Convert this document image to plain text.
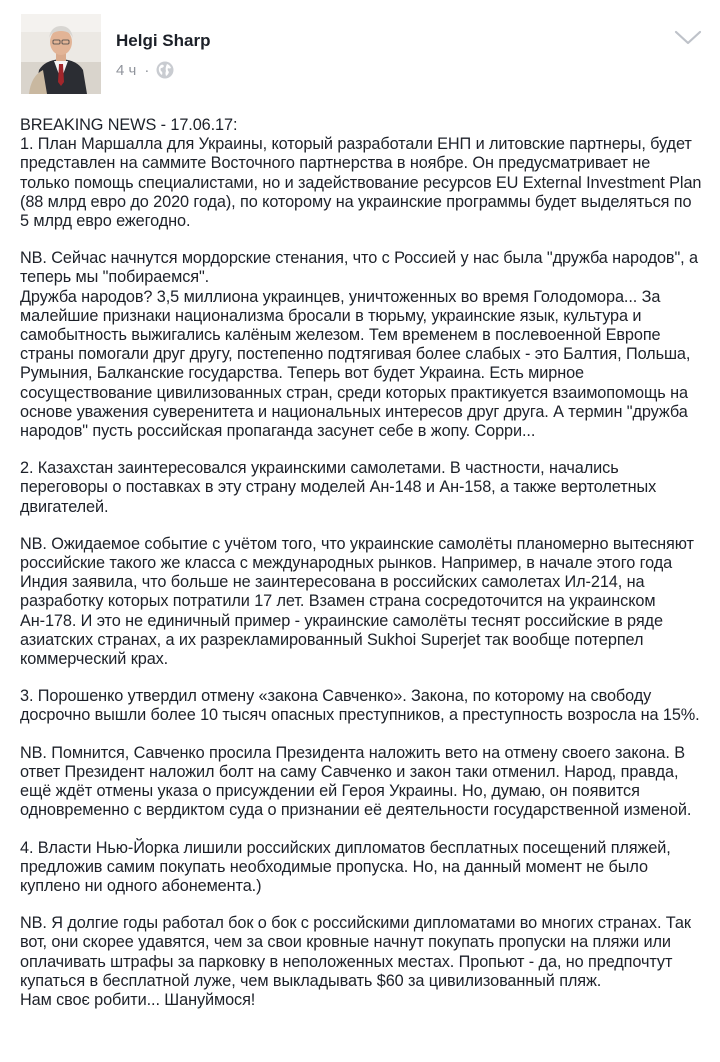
Helgi Sharp
4 ч ·

BREAKING NEWS - 17.06.17:
1. План Маршалла для Украины, который разработали ЕНП и литовские партнеры, будет представлен на саммите Восточного партнерства в ноябре. Он предусматривает не только помощь специалистами, но и задействование ресурсов EU External Investment Plan (88 млрд евро до 2020 года), по которому на украинские программы будет выделяться по 5 млрд евро ежегодно.

NB. Сейчас начнутся мордорские стенания, что с Россией у нас была "дружба народов", а теперь мы "побираемся".
Дружба народов? 3,5 миллиона украинцев, уничтоженных во время Голодомора... За малейшие признаки национализма бросали в тюрьму, украинские язык, культура и самобытность выжигались калёным железом. Тем временем в послевоенной Европе страны помогали друг другу, постепенно подтягивая более слабых - это Балтия, Польша, Румыния, Балканские государства. Теперь вот будет Украина. Есть мирное сосуществование цивилизованных стран, среди которых практикуется взаимопомощь на основе уважения суверенитета и национальных интересов друг друга. А термин "дружба народов" пусть российская пропаганда засунет себе в жопу. Сорри...

2. Казахстан заинтересовался украинскими самолетами. В частности, начались переговоры о поставках в эту страну моделей Ан-148 и Ан-158, а также вертолетных двигателей.

NB. Ожидаемое событие с учётом того, что украинские самолёты планомерно вытесняют российские такого же класса с международных рынков. Например, в начале этого года Индия заявила, что больше не заинтересована в российских самолетах Ил-214, на разработку которых потратили 17 лет. Взамен страна сосредоточится на украинском Ан-178. И это не единичный пример - украинские самолёты теснят российские в ряде азиатских странах, а их разрекламированный Sukhoi Superjet так вообще потерпел коммерческий крах.

3. Порошенко утвердил отмену «закона Савченко». Закона, по которому на свободу досрочно вышли более 10 тысяч опасных преступников, а преступность возросла на 15%.

NB. Помнится, Савченко просила Президента наложить вето на отмену своего закона. В ответ Президент наложил болт на саму Савченко и закон таки отменил. Народ, правда, ещё ждёт отмены указа о присуждении ей Героя Украины. Но, думаю, он появится одновременно с вердиктом суда о признании её деятельности государственной изменой.

4. Власти Нью-Йорка лишили российских дипломатов бесплатных посещений пляжей, предложив самим покупать необходимые пропуска. Но, на данный момент не было куплено ни одного абонемента.)

NB. Я долгие годы работал бок о бок с российскими дипломатами во многих странах. Так вот, они скорее удавятся, чем за свои кровные начнут покупать пропуски на пляжи или оплачивать штрафы за парковку в неположенных местах. Пропьют - да, но предпочтут купаться в бесплатной луже, чем выкладывать $60 за цивилизованный пляж.
Нам своє робити... Шануймося!
